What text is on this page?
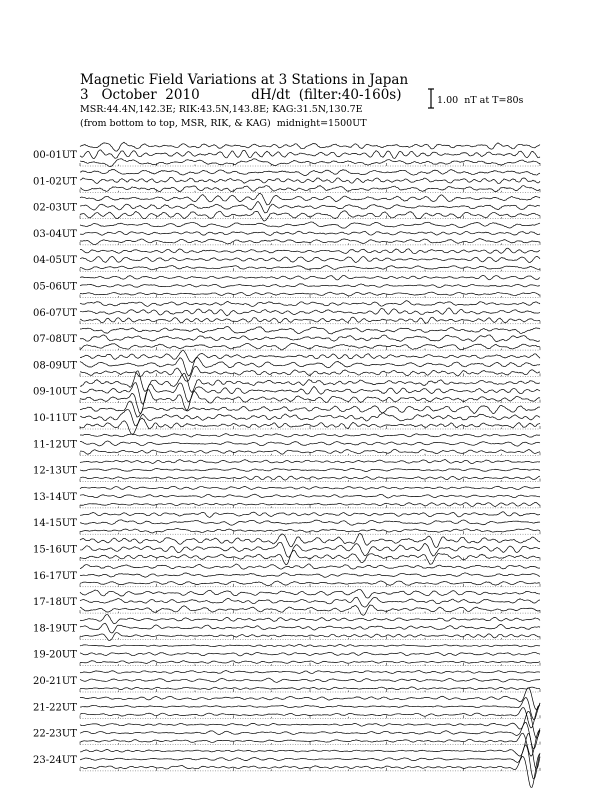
Magnetic Field Variations at 3 Stations in Japan
3   October  2010	dH/dt  (filter:40-160s)
MSR:44.4N,142.3E; RIK:43.5N,143.8E; KAG:31.5N,130.7E
(from bottom to top, MSR, RIK, & KAG)  midnight=1500UT
1.00  nT at T=80s
00-01UT
01-02UT
02-03UT
03-04UT
04-05UT
05-06UT
06-07UT
07-08UT
08-09UT
09-10UT
10-11UT
11-12UT
12-13UT
13-14UT
14-15UT
15-16UT
16-17UT
17-18UT
18-19UT
19-20UT
20-21UT
21-22UT
22-23UT
23-24UT
